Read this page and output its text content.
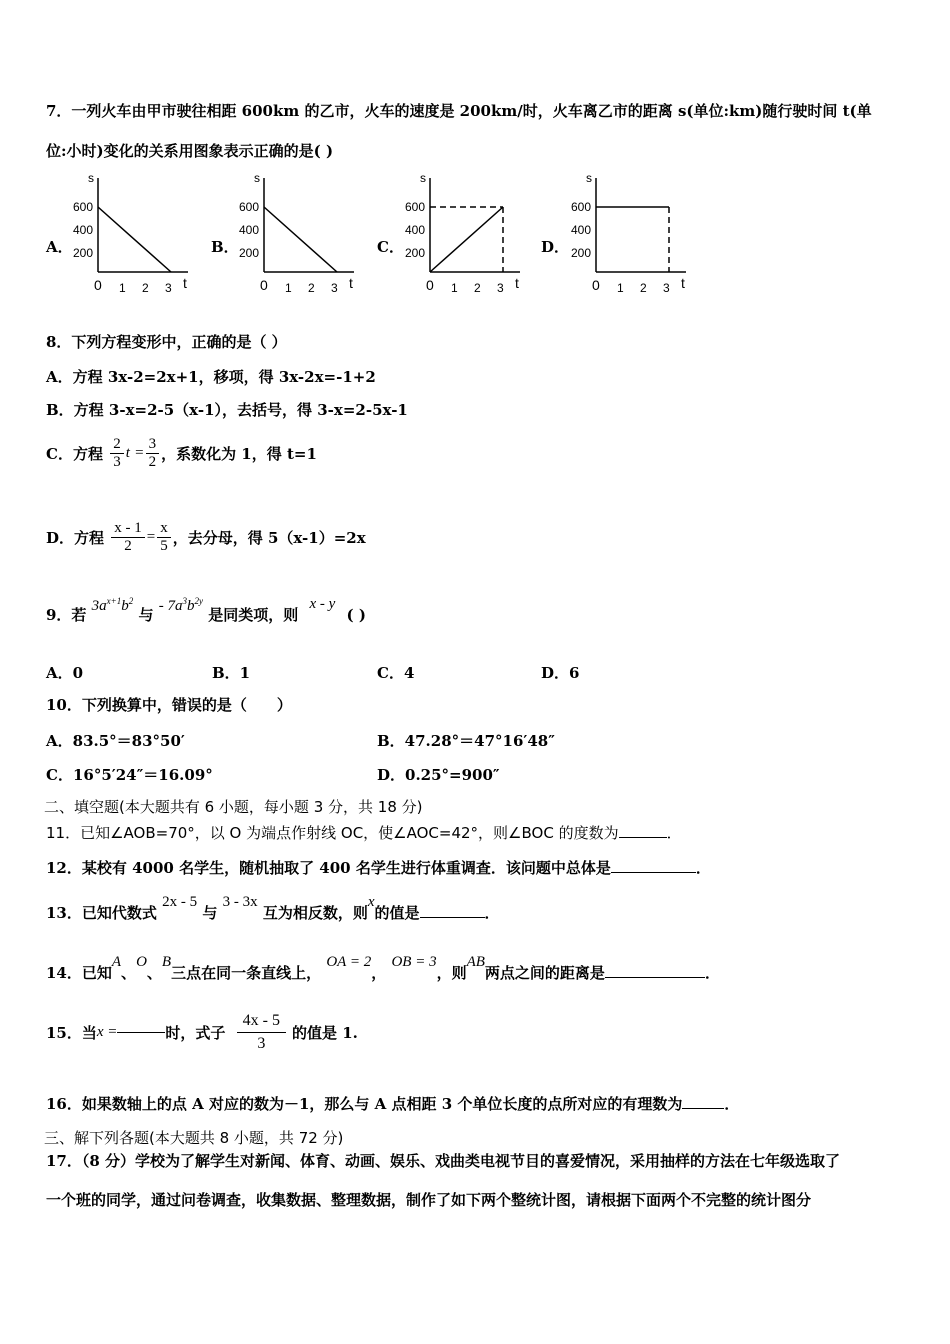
7．一列火车由甲市驶往相距 600km 的乙市，火车的速度是 200km/时，火车离乙市的距离 s(单位:km)随行驶时间 t(单
位:小时)变化的关系用图象表示正确的是( )
A．	B．	C．	D．
s
t
600
400
200
0 1 2 3
s
t
600
400
200
0 1 2 3
s
t
600
400
200
0 1 2 3
s
t
600
400
200
0 1 2 3
8．下列方程变形中，正确的是（ ）
A．方程 3x-2=2x+1，移项，得 3x-2x=-1+2
B．方程 3-x=2-5（x-1），去括号，得 3-x=2-5x-1
C．方程 $\frac{2}{3}$ $t = \frac{3}{2}$ ，系数化为 1，得 t=1
D．方程 $\frac{x - 1}{2} = \frac{x}{5}$ ，去分母，得 5（x-1）=2x
9．若 $3a^{x+1}b^2$ 与 - $7a^3b^{2y}$ 是同类项，则 x - y ( )
A．0	B．1	C．4	D．6
10．下列换算中，错误的是（　　）
A．83.5°＝83°50′	B．47.28°＝47°16′48″
C．16°5′24″＝16.09°	D．0.25°=900″
二、填空题(本大题共有 6 小题，每小题 3 分，共 18 分)
11．已知∠AOB=70°，以 O 为端点作射线 OC，使∠AOC=42°，则∠BOC 的度数为	．
12．某校有 4000 名学生，随机抽取了 400 名学生进行体重调查．该问题中总体是	．
13．已知代数式 2x - 5 与 3 - 3x 互为相反数，则x的值是	．
14．已知A、O、B三点在同一条直线上， OA = 2， OB = 3，则AB两点之间的距离是	．
15．当x =	时，式子 $\frac{4x - 5}{3}$ 的值是 1.
16．如果数轴上的点 A 对应的数为－1，那么与 A 点相距 3 个单位长度的点所对应的有理数为	．
三、解下列各题(本大题共 8 小题，共 72 分)
17．（8 分）学校为了解学生对新闻、体育、动画、娱乐、戏曲类电视节目的喜爱情况，采用抽样的方法在七年级选取了
一个班的同学，通过问卷调查，收集数据、整理数据，制作了如下两个整统计图，请根据下面两个不完整的统计图分
